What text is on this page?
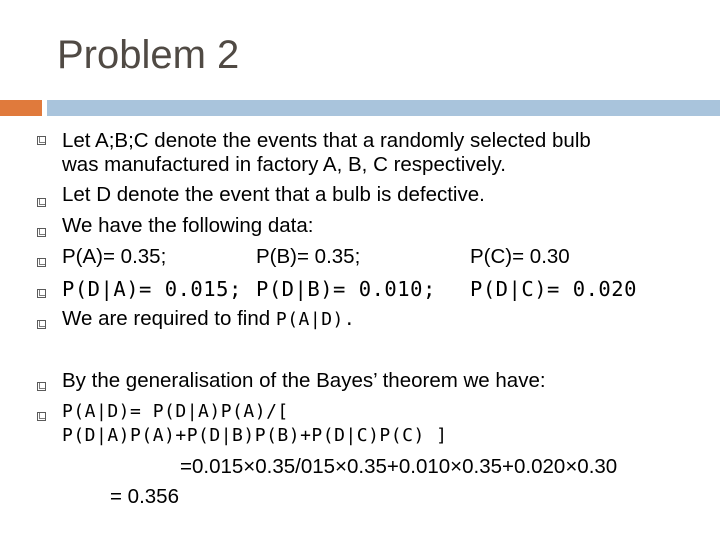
Problem 2
Let A;B;C denote the events that a randomly selected bulb
was manufactured in factory A, B, C respectively.
Let D denote the event that a bulb is defective.
We have the following data:
P(A)= 0.35;	P(B)= 0.35;	P(C)= 0.30
P(D|A)= 0.015; P(D|B)= 0.010; P(D|C)= 0.020
We are required to find P(A|D).
By the generalisation of the Bayes’ theorem we have:
P(A|D)= P(D|A)P(A)/[
P(D|A)P(A)+P(D|B)P(B)+P(D|C)P(C) ]
=0.015×0.35/015×0.35+0.010×0.35+0.020×0.30
= 0.356
